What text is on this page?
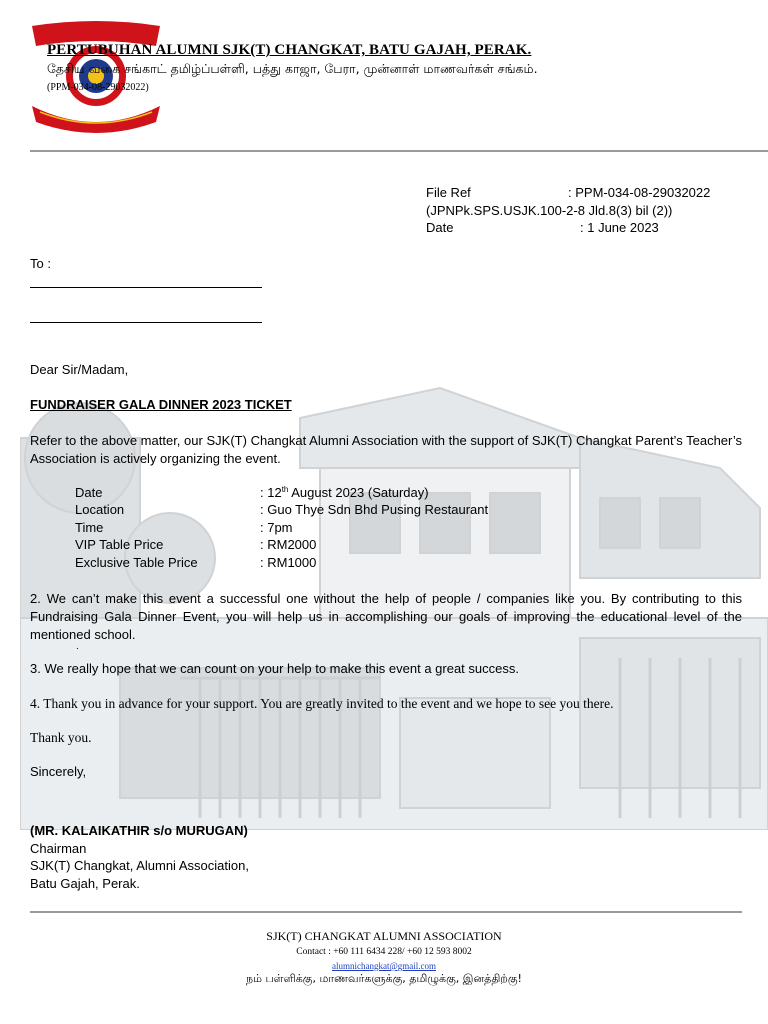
PERTUBUHAN ALUMNI SJK(T) CHANGKAT, BATU GAJAH, PERAK.
தேசிய வகை சங்காட் தமிழ்ப்பள்ளி, பத்து காஜா, பேரா, முன்னாள் மாணவர்கள் சங்கம்.
(PPM-034-08-29032022)
File Ref	: PPM-034-08-29032022
(JPNPk.SPS.USJK.100-2-8 Jld.8(3) bil (2))
Date	: 1 June 2023
To :
Dear Sir/Madam,
FUNDRAISER GALA DINNER 2023 TICKET
Refer to the above matter, our SJK(T) Changkat Alumni Association with the support of SJK(T) Changkat Parent’s Teacher’s Association is actively organizing the event.
Date	: 12th August 2023 (Saturday)
Location	: Guo Thye Sdn Bhd Pusing Restaurant
Time	: 7pm
VIP Table Price	: RM2000
Exclusive Table Price	: RM1000
2. We can’t make this event a successful one without the help of people / companies like you. By contributing to this Fundraising Gala Dinner Event, you will help us in accomplishing our goals of improving the educational level of the mentioned school.
.
3. We really hope that we can count on your help to make this event a great success.
4. Thank you in advance for your support. You are greatly invited to the event and we hope to see you there.
Thank you.
Sincerely,
(MR. KALAIKATHIR s/o MURUGAN)
Chairman
SJK(T) Changkat, Alumni Association,
Batu Gajah, Perak.
SJK(T) CHANGKAT ALUMNI ASSOCIATION
Contact : +60 111 6434 228/ +60 12 593 8002
alumnichangkat@gmail.com
நம் பள்ளிக்கு, மாணவர்களுக்கு, தமிழுக்கு, இனத்திற்கு!
